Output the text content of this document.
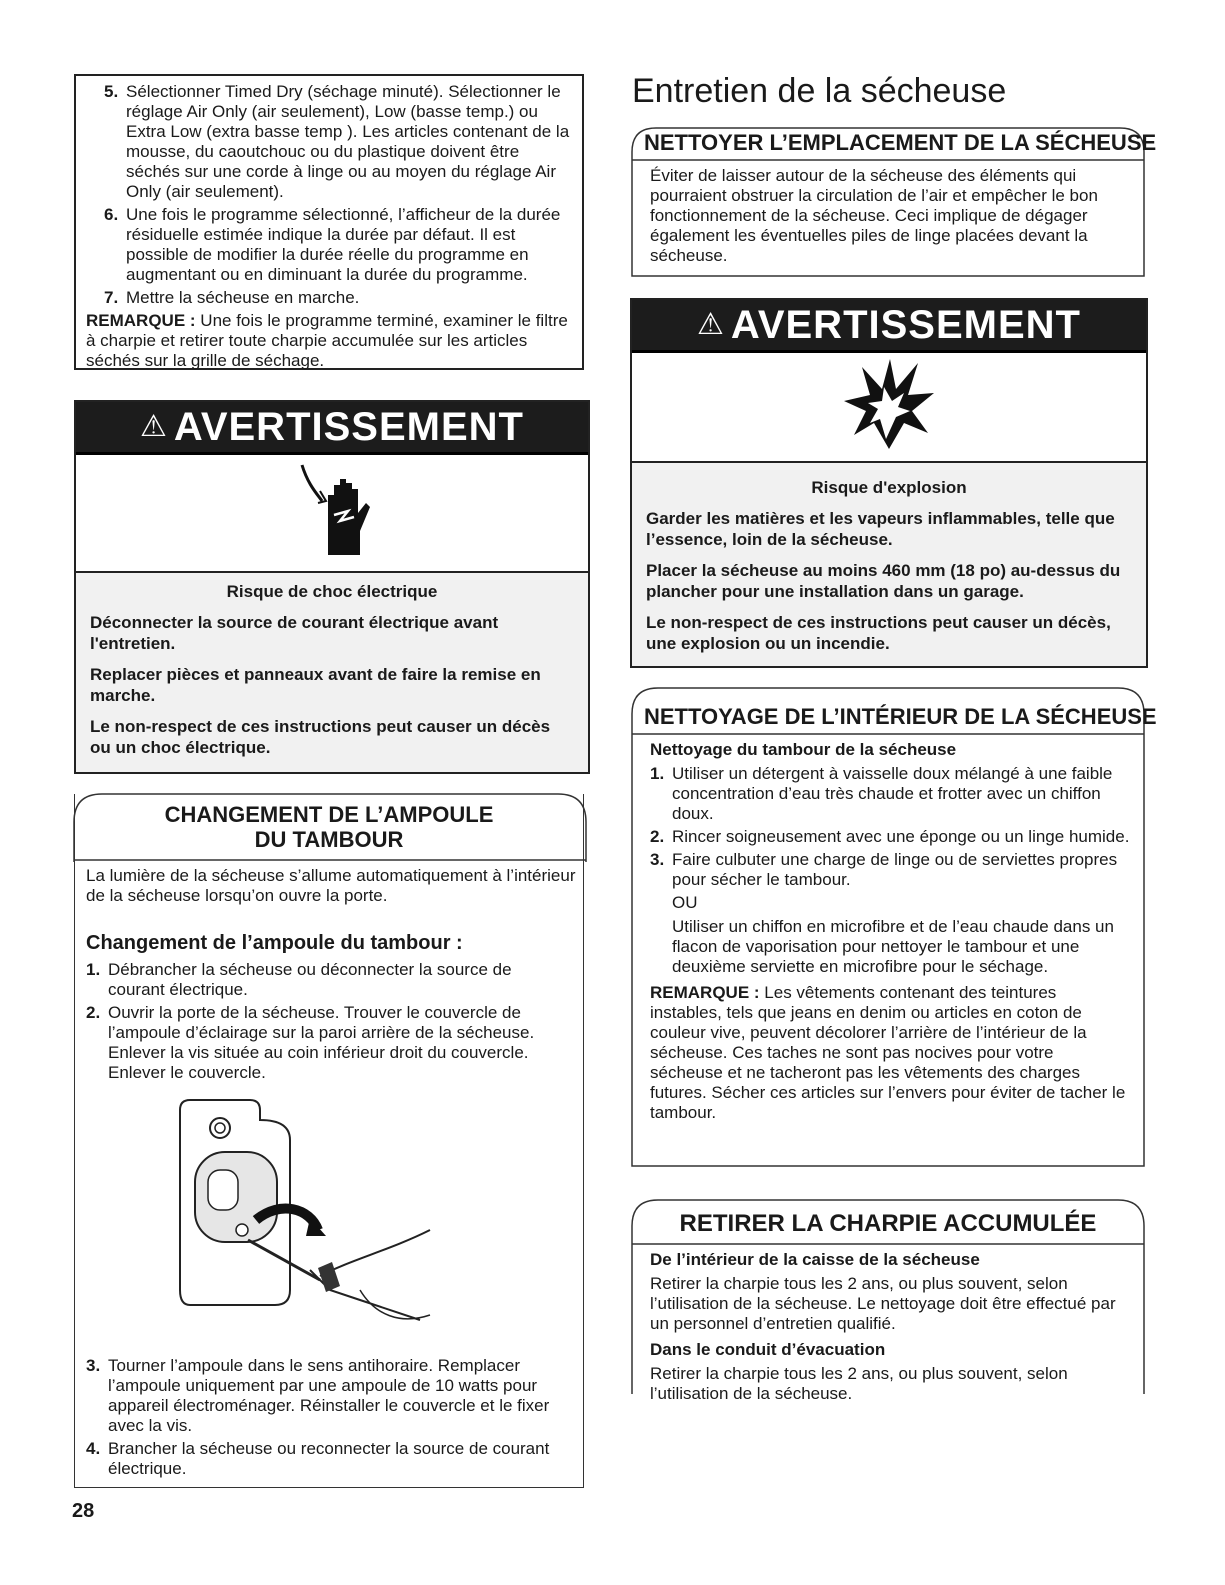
5. Sélectionner Timed Dry (séchage minuté). Sélectionner le réglage Air Only (air seulement), Low (basse temp.) ou Extra Low (extra basse temp ). Les articles contenant de la mousse, du caoutchouc ou du plastique doivent être séchés sur une corde à linge ou au moyen du réglage Air Only (air seulement).
6. Une fois le programme sélectionné, l’afficheur de la durée résiduelle estimée indique la durée par défaut. Il est possible de modifier la durée réelle du programme en augmentant ou en diminuant la durée du programme.
7. Mettre la sécheuse en marche.

REMARQUE : Une fois le programme terminé, examiner le filtre à charpie et retirer toute charpie accumulée sur les articles séchés sur la grille de séchage.

⚠ AVERTISSEMENT
Risque de choc électrique

Déconnecter la source de courant électrique avant l'entretien.

Replacer pièces et panneaux avant de faire la remise en marche.

Le non-respect de ces instructions peut causer un décès ou un choc électrique.

CHANGEMENT DE L’AMPOULE
DU TAMBOUR
La lumière de la sécheuse s’allume automatiquement à l’intérieur de la sécheuse lorsqu’on ouvre la porte.
Changement de l’ampoule du tambour :
1. Débrancher la sécheuse ou déconnecter la source de courant électrique.
2. Ouvrir la porte de la sécheuse. Trouver le couvercle de l’ampoule d’éclairage sur la paroi arrière de la sécheuse. Enlever la vis située au coin inférieur droit du couvercle. Enlever le couvercle.
3. Tourner l’ampoule dans le sens antihoraire. Remplacer l’ampoule uniquement par une ampoule de 10 watts pour appareil électroménager. Réinstaller le couvercle et le fixer avec la vis.
4. Brancher la sécheuse ou reconnecter la source de courant électrique.
28
Entretien de la sécheuse
NETTOYER L’EMPLACEMENT DE LA SÉCHEUSE
Éviter de laisser autour de la sécheuse des éléments qui pourraient obstruer la circulation de l’air et empêcher le bon fonctionnement de la sécheuse. Ceci implique de dégager également les éventuelles piles de linge placées devant la sécheuse.
⚠ AVERTISSEMENT
Risque d'explosion

Garder les matières et les vapeurs inflammables, telle que l’essence, loin de la sécheuse.

Placer la sécheuse au moins 460 mm (18 po) au-dessus du plancher pour une installation dans un garage.

Le non-respect de ces instructions peut causer un décès, une explosion ou un incendie.

NETTOYAGE DE L’INTÉRIEUR DE LA SÉCHEUSE

Nettoyage du tambour de la sécheuse

1. Utiliser un détergent à vaisselle doux mélangé à une faible concentration d’eau très chaude et frotter avec un chiffon doux.
2. Rincer soigneusement avec une éponge ou un linge humide.
3. Faire culbuter une charge de linge ou de serviettes propres pour sécher le tambour.

OU

Utiliser un chiffon en microfibre et de l’eau chaude dans un flacon de vaporisation pour nettoyer le tambour et une deuxième serviette en microfibre pour le séchage.

REMARQUE : Les vêtements contenant des teintures instables, tels que jeans en denim ou articles en coton de couleur vive, peuvent décolorer l’arrière de l’intérieur de la sécheuse. Ces taches ne sont pas nocives pour votre sécheuse et ne tacheront pas les vêtements des charges futures. Sécher ces articles sur l’envers pour éviter de tacher le tambour.

RETIRER LA CHARPIE ACCUMULÉE

De l’intérieur de la caisse de la sécheuse

Retirer la charpie tous les 2 ans, ou plus souvent, selon l’utilisation de la sécheuse. Le nettoyage doit être effectué par un personnel d’entretien qualifié.

Dans le conduit d’évacuation

Retirer la charpie tous les 2 ans, ou plus souvent, selon l’utilisation de la sécheuse.
